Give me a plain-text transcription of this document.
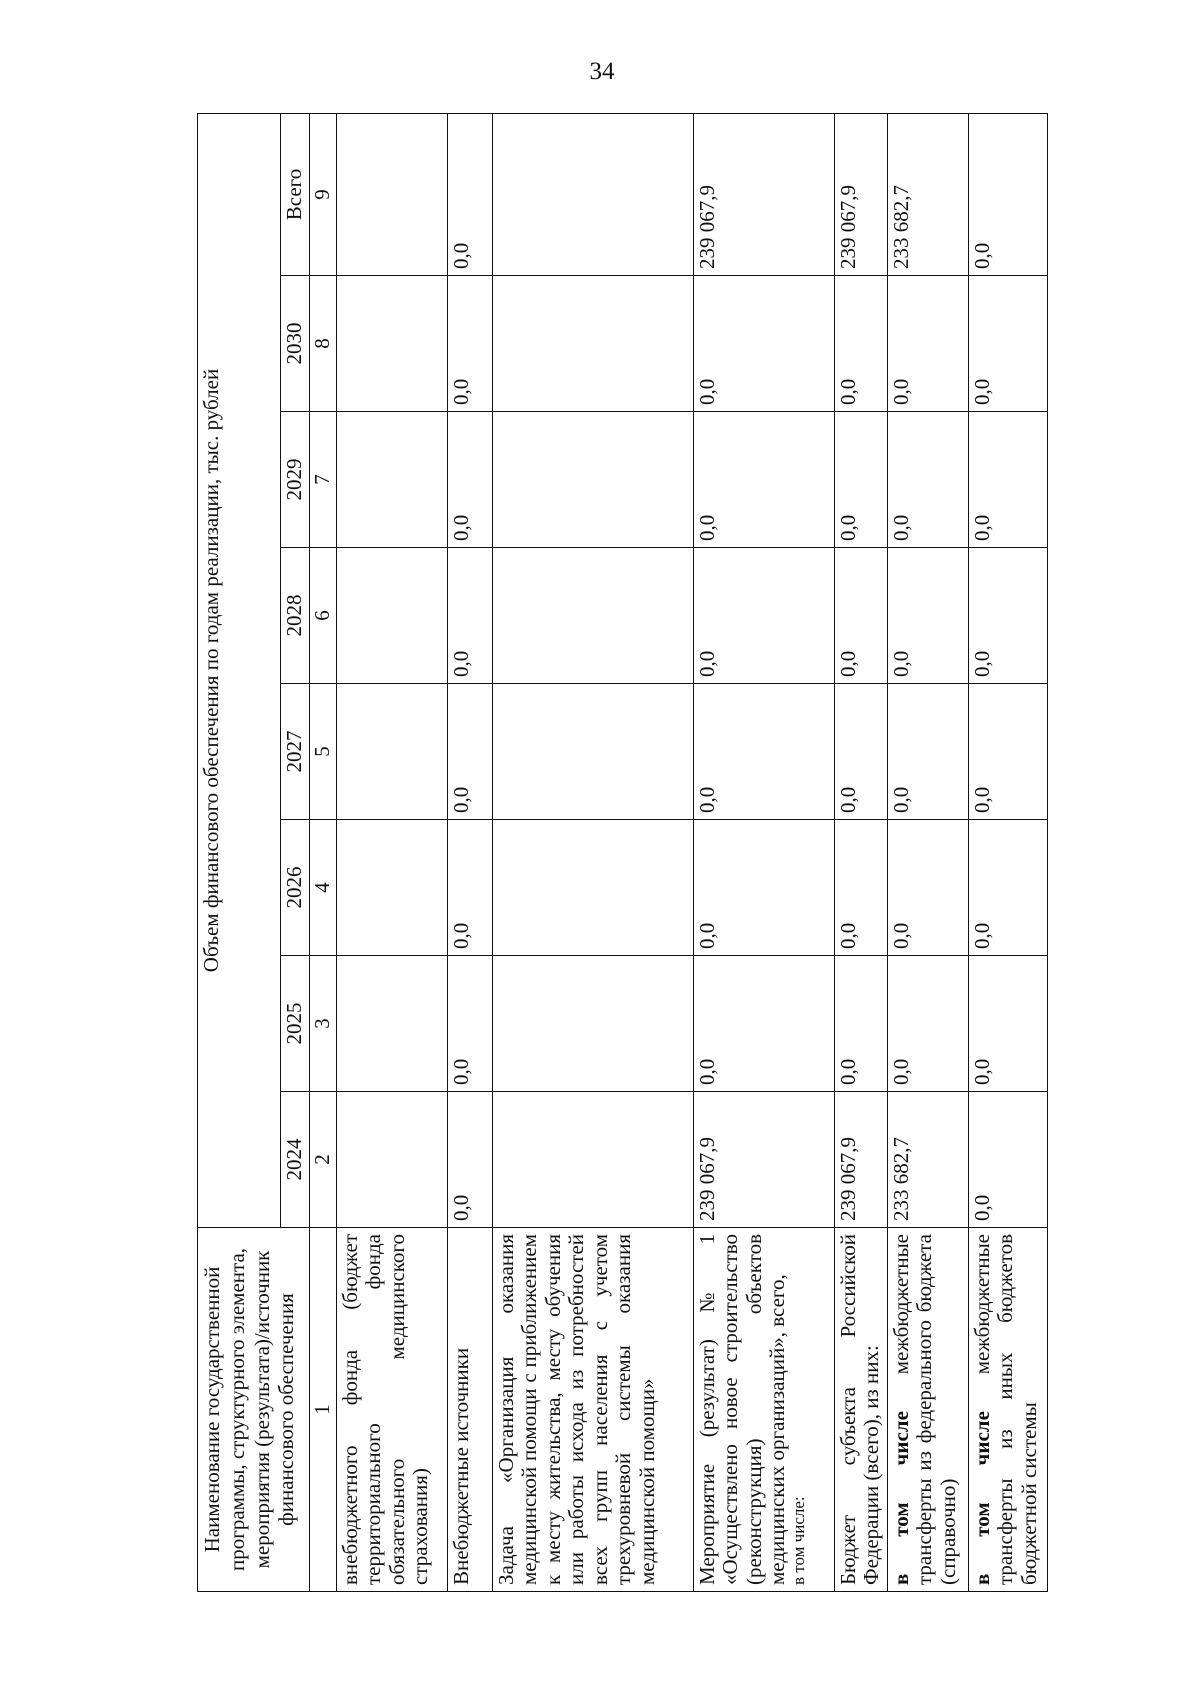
34
Наименование государственной программы, структурного элемента, мероприятия (результата)/источник финансового обеспечения	Объем финансового обеспечения по годам реализации, тыс. рублей							
	2024	2025	2026	2027	2028	2029	2030	Всего
1	2	3	4	5	6	7	8	9
внебюджетного фонда (бюджет территориального фонда обязательного медицинского страхования)								
Внебюджетные источники	0,0	0,0	0,0	0,0	0,0	0,0	0,0	0,0
Задача «Организация оказания медицинской помощи с приближением к месту жительства, месту обучения или работы исхода из потребностей всех групп населения с учетом трехуровневой системы оказания медицинской помощи»								
Мероприятие (результат) № 1 «Осуществлено новое строительство (реконструкция) объектов медицинских организаций», всего, в том числе:	239 067,9	0,0	0,0	0,0	0,0	0,0	0,0	239 067,9
Бюджет субъекта Российской Федерации (всего), из них:	239 067,9	0,0	0,0	0,0	0,0	0,0	0,0	239 067,9
в том числе межбюджетные трансферты из федерального бюджета (справочно)	233 682,7	0,0	0,0	0,0	0,0	0,0	0,0	233 682,7
в том числе межбюджетные трансферты из иных бюджетов бюджетной системы	0,0	0,0	0,0	0,0	0,0	0,0	0,0	0,0
